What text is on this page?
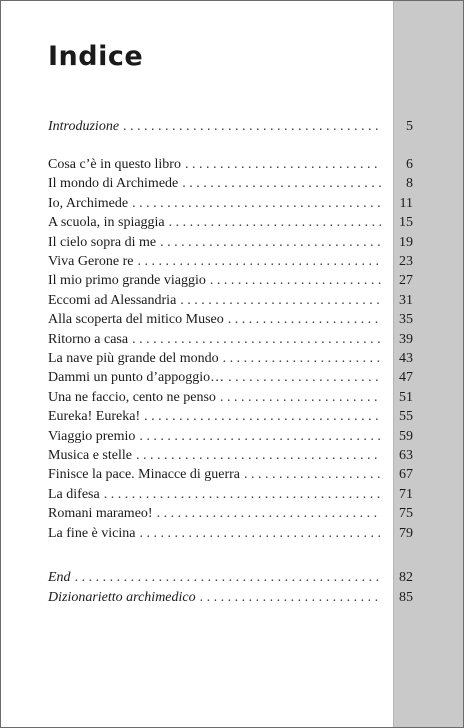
Indice
Introduzione
. . .
Cosa c’è in questo libro
. . .
Il mondo di Archimede
. . .
Io, Archimede
. . .
A scuola, in spiaggia
. . .
Il cielo sopra di me
. . .
Viva Gerone re
. . .
Il mio primo grande viaggio
. . .
Eccomi ad Alessandria
. . .
Alla scoperta del mitico Museo
. . .
Ritorno a casa
. . .
La nave più grande del mondo
. . .
Dammi un punto d’appoggio…
. . .
Una ne faccio, cento ne penso
. . .
Eureka! Eureka!
. . .
Viaggio premio
. . .
Musica e stelle
. . .
Finisce la pace. Minacce di guerra
. . .
La difesa
. . .
Romani marameo!
. . .
La fine è vicina
. . .
End
. . .
Dizionarietto archimedico
. . .
5
6
8
11
15
19
23
27
31
35
39
43
47
51
55
59
63
67
71
75
79
82
85
